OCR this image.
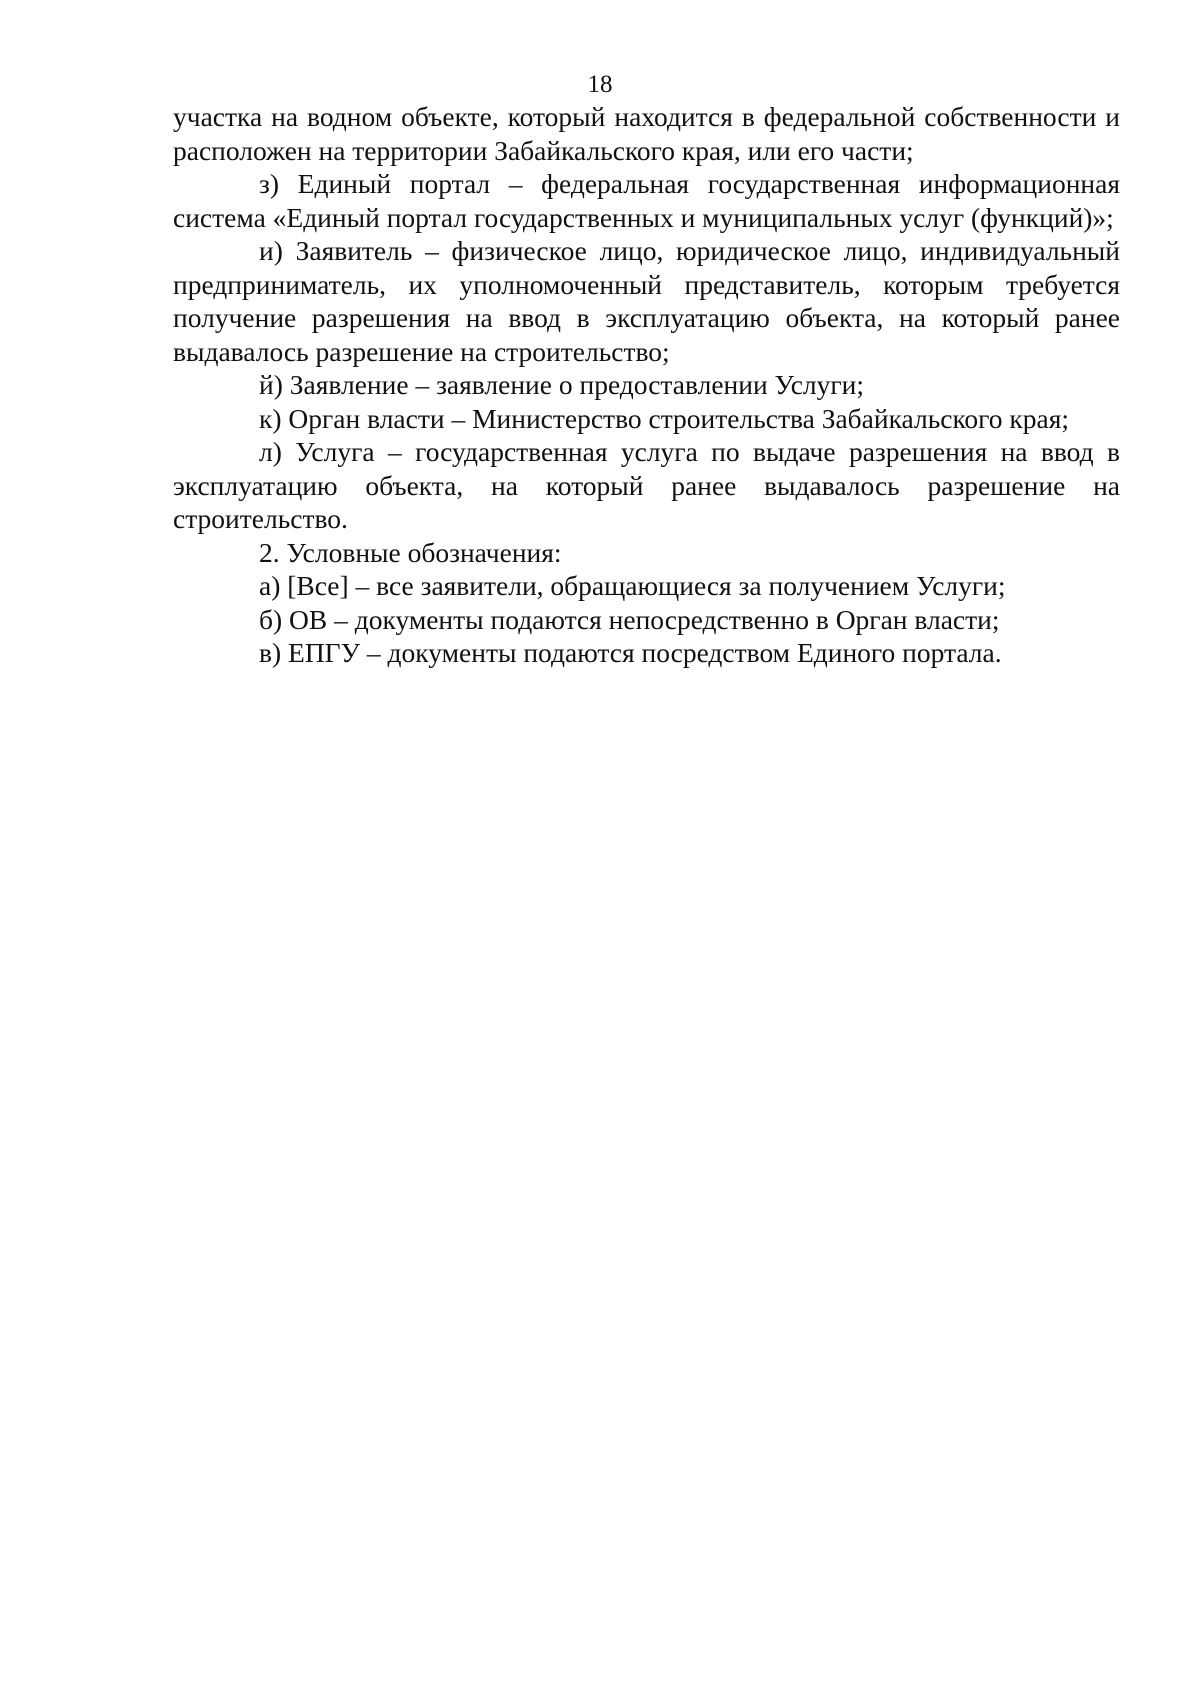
18

участка на водном объекте, который находится в федеральной собственности и расположен на территории Забайкальского края, или его части;

з) Единый портал – федеральная государственная информационная система «Единый портал государственных и муниципальных услуг (функций)»;

и) Заявитель – физическое лицо, юридическое лицо, индивидуальный предприниматель, их уполномоченный представитель, которым требуется получение разрешения на ввод в эксплуатацию объекта, на который ранее выдавалось разрешение на строительство;

й) Заявление – заявление о предоставлении Услуги;

к) Орган власти – Министерство строительства Забайкальского края;

л) Услуга – государственная услуга по выдаче разрешения на ввод в эксплуатацию объекта, на который ранее выдавалось разрешение на строительство.

2. Условные обозначения:

а) [Все] – все заявители, обращающиеся за получением Услуги;

б) ОВ – документы подаются непосредственно в Орган власти;

в) ЕПГУ – документы подаются посредством Единого портала.
